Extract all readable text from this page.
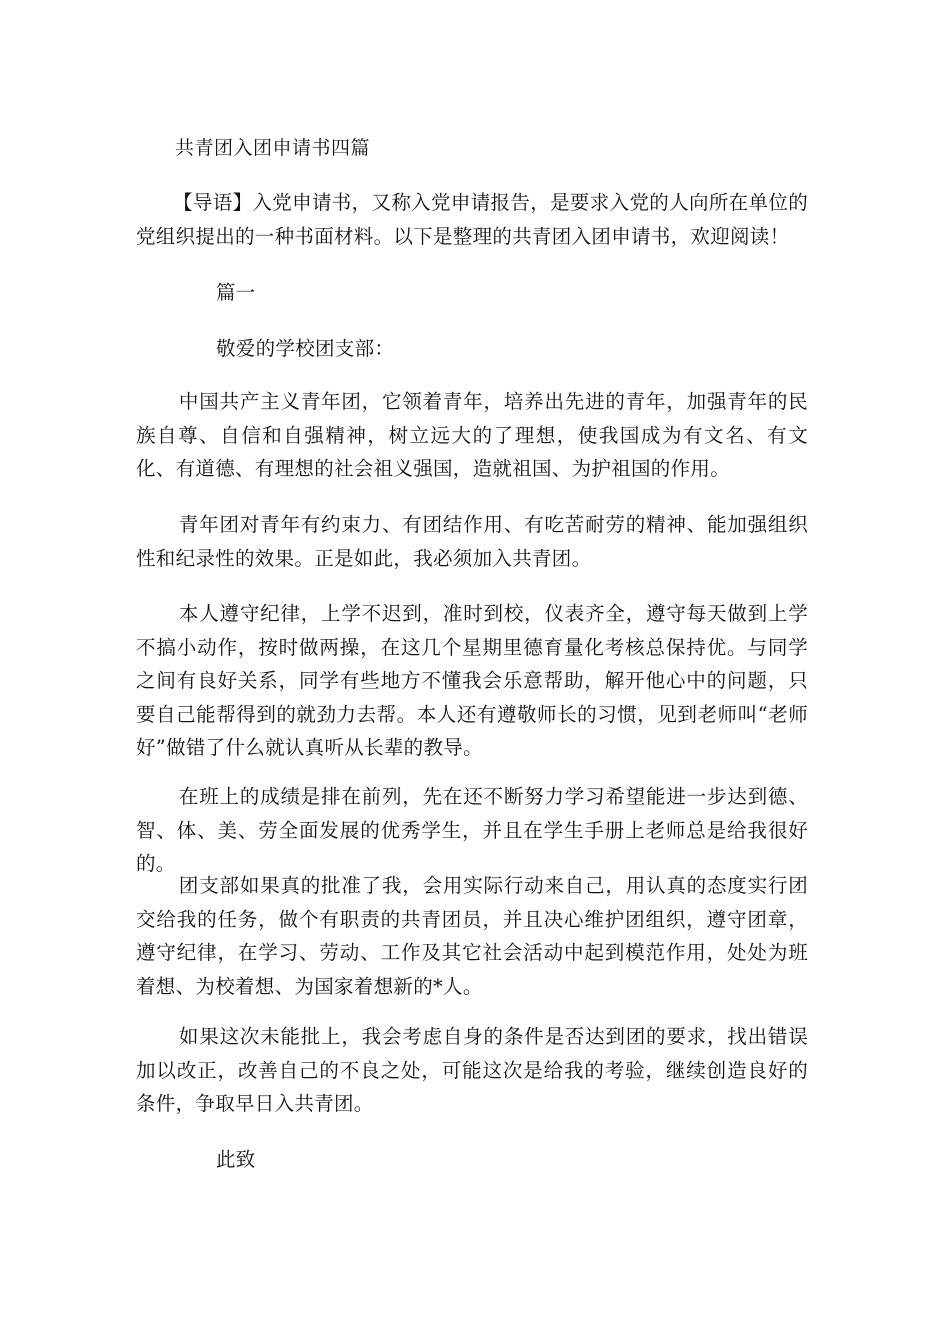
共青团入团申请书四篇

【导语】入党申请书，又称入党申请报告，是要求入党的人向所在单位的党组织提出的一种书面材料。以下是整理的共青团入团申请书，欢迎阅读！

篇一
敬爱的学校团支部：

中国共产主义青年团，它领着青年，培养出先进的青年，加强青年的民族自尊、自信和自强精神，树立远大的了理想，使我国成为有文名、有文化、有道德、有理想的社会祖义强国，造就祖国、为护祖国的作用。

青年团对青年有约束力、有团结作用、有吃苦耐劳的精神、能加强组织性和纪录性的效果。正是如此，我必须加入共青团。

本人遵守纪律，上学不迟到，准时到校，仪表齐全，遵守每天做到上学不搞小动作，按时做两操，在这几个星期里德育量化考核总保持优。与同学之间有良好关系，同学有些地方不懂我会乐意帮助，解开他心中的问题，只要自己能帮得到的就劲力去帮。本人还有遵敬师长的习惯，见到老师叫“老师好”做错了什么就认真听从长辈的教导。

在班上的成绩是排在前列，先在还不断努力学习希望能进一步达到德、智、体、美、劳全面发展的优秀学生，并且在学生手册上老师总是给我很好的。

团支部如果真的批准了我，会用实际行动来自己，用认真的态度实行团交给我的任务，做个有职责的共青团员，并且决心维护团组织，遵守团章，遵守纪律，在学习、劳动、工作及其它社会活动中起到模范作用，处处为班着想、为校着想、为国家着想新的*人。

如果这次未能批上，我会考虑自身的条件是否达到团的要求，找出错误加以改正，改善自己的不良之处，可能这次是给我的考验，继续创造良好的条件，争取早日入共青团。

此致
